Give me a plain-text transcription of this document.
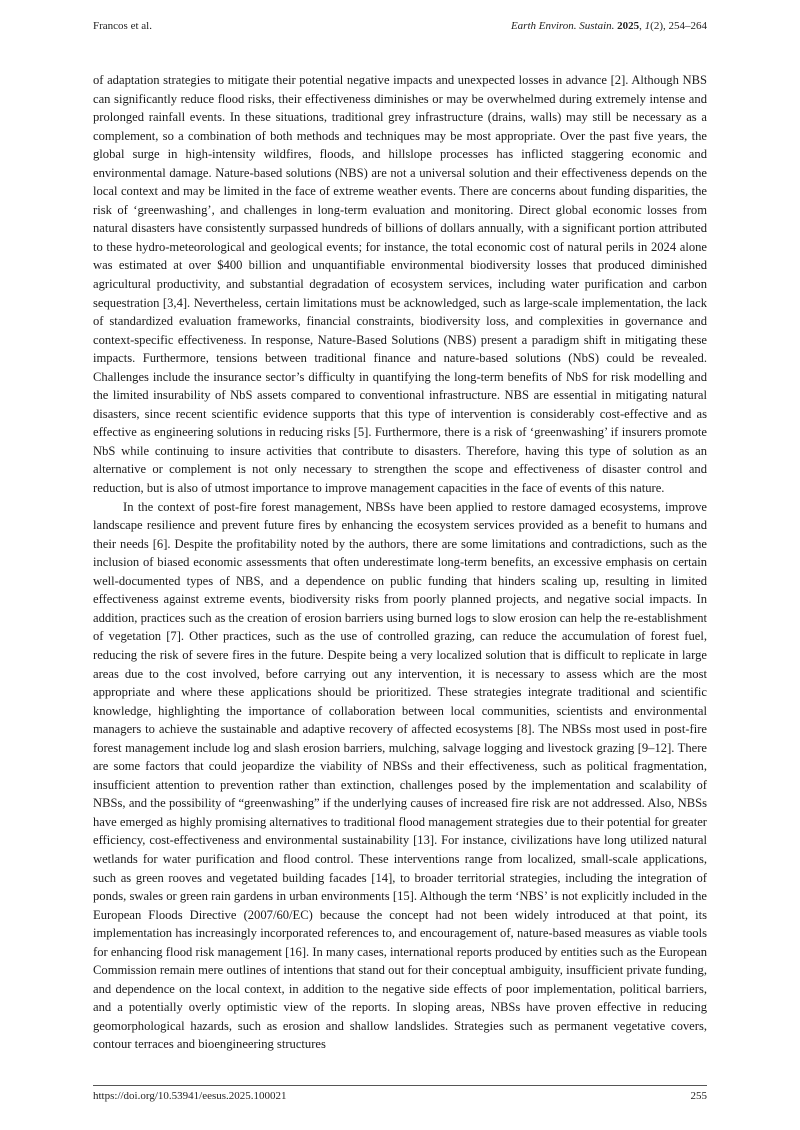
Francos et al.	Earth Environ. Sustain. 2025, 1(2), 254–264

of adaptation strategies to mitigate their potential negative impacts and unexpected losses in advance [2]. Although NBS can significantly reduce flood risks, their effectiveness diminishes or may be overwhelmed during extremely intense and prolonged rainfall events. In these situations, traditional grey infrastructure (drains, walls) may still be necessary as a complement, so a combination of both methods and techniques may be most appropriate. Over the past five years, the global surge in high-intensity wildfires, floods, and hillslope processes has inflicted staggering economic and environmental damage. Nature-based solutions (NBS) are not a universal solution and their effectiveness depends on the local context and may be limited in the face of extreme weather events. There are concerns about funding disparities, the risk of ‘greenwashing’, and challenges in long-term evaluation and monitoring. Direct global economic losses from natural disasters have consistently surpassed hundreds of billions of dollars annually, with a significant portion attributed to these hydro-meteorological and geological events; for instance, the total economic cost of natural perils in 2024 alone was estimated at over $400 billion and unquantifiable environmental biodiversity losses that produced diminished agricultural productivity, and substantial degradation of ecosystem services, including water purification and carbon sequestration [3,4]. Nevertheless, certain limitations must be acknowledged, such as large-scale implementation, the lack of standardized evaluation frameworks, financial constraints, biodiversity loss, and complexities in governance and context-specific effectiveness. In response, Nature-Based Solutions (NBS) present a paradigm shift in mitigating these impacts. Furthermore, tensions between traditional finance and nature-based solutions (NbS) could be revealed. Challenges include the insurance sector’s difficulty in quantifying the long-term benefits of NbS for risk modelling and the limited insurability of NbS assets compared to conventional infrastructure. NBS are essential in mitigating natural disasters, since recent scientific evidence supports that this type of intervention is considerably cost-effective and as effective as engineering solutions in reducing risks [5]. Furthermore, there is a risk of ‘greenwashing’ if insurers promote NbS while continuing to insure activities that contribute to disasters. Therefore, having this type of solution as an alternative or complement is not only necessary to strengthen the scope and effectiveness of disaster control and reduction, but is also of utmost importance to improve management capacities in the face of events of this nature.

In the context of post-fire forest management, NBSs have been applied to restore damaged ecosystems, improve landscape resilience and prevent future fires by enhancing the ecosystem services provided as a benefit to humans and their needs [6]. Despite the profitability noted by the authors, there are some limitations and contradictions, such as the inclusion of biased economic assessments that often underestimate long-term benefits, an excessive emphasis on certain well-documented types of NBS, and a dependence on public funding that hinders scaling up, resulting in limited effectiveness against extreme events, biodiversity risks from poorly planned projects, and negative social impacts. In addition, practices such as the creation of erosion barriers using burned logs to slow erosion can help the re-establishment of vegetation [7]. Other practices, such as the use of controlled grazing, can reduce the accumulation of forest fuel, reducing the risk of severe fires in the future. Despite being a very localized solution that is difficult to replicate in large areas due to the cost involved, before carrying out any intervention, it is necessary to assess which are the most appropriate and where these applications should be prioritized. These strategies integrate traditional and scientific knowledge, highlighting the importance of collaboration between local communities, scientists and environmental managers to achieve the sustainable and adaptive recovery of affected ecosystems [8]. The NBSs most used in post-fire forest management include log and slash erosion barriers, mulching, salvage logging and livestock grazing [9–12]. There are some factors that could jeopardize the viability of NBSs and their effectiveness, such as political fragmentation, insufficient attention to prevention rather than extinction, challenges posed by the implementation and scalability of NBSs, and the possibility of “greenwashing” if the underlying causes of increased fire risk are not addressed. Also, NBSs have emerged as highly promising alternatives to traditional flood management strategies due to their potential for greater efficiency, cost-effectiveness and environmental sustainability [13]. For instance, civilizations have long utilized natural wetlands for water purification and flood control. These interventions range from localized, small-scale applications, such as green rooves and vegetated building facades [14], to broader territorial strategies, including the integration of ponds, swales or green rain gardens in urban environments [15]. Although the term ‘NBS’ is not explicitly included in the European Floods Directive (2007/60/EC) because the concept had not been widely introduced at that point, its implementation has increasingly incorporated references to, and encouragement of, nature-based measures as viable tools for enhancing flood risk management [16]. In many cases, international reports produced by entities such as the European Commission remain mere outlines of intentions that stand out for their conceptual ambiguity, insufficient private funding, and dependence on the local context, in addition to the negative side effects of poor implementation, political barriers, and a potentially overly optimistic view of the reports. In sloping areas, NBSs have proven effective in reducing geomorphological hazards, such as erosion and shallow landslides. Strategies such as permanent vegetative covers, contour terraces and bioengineering structures

https://doi.org/10.53941/eesus.2025.100021	255
